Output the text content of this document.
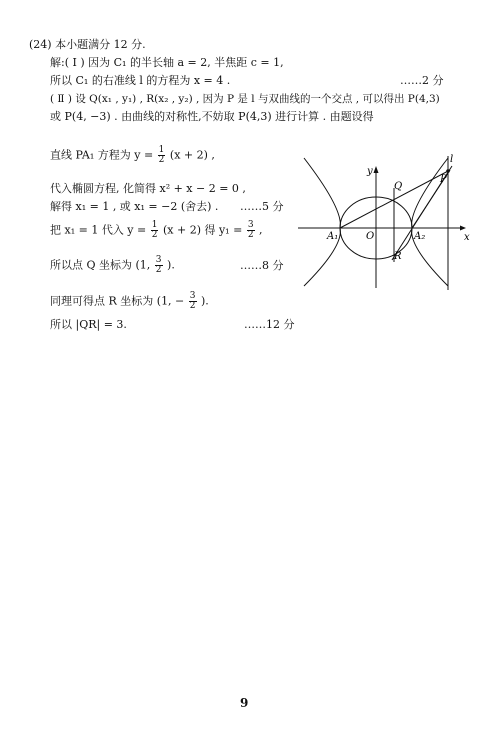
(24) 本小题满分 12 分.
解:( Ⅰ ) 因为 C₁ 的半长轴 a = 2, 半焦距 c = 1,
所以 C₁ 的右准线 l 的方程为 x = 4 .	……2 分
( Ⅱ ) 设 Q(x₁ , y₁) , R(x₂ , y₂) , 因为 P 是 l 与双曲线的一个交点 , 可以得出 P(4,3)
或 P(4, −3) . 由曲线的对称性,不妨取 P(4,3) 进行计算 . 由题设得
直线 PA₁ 方程为 $y = \frac{1}{2} (x + 2)$ ,
代入椭圆方程, 化简得 x² + x − 2 = 0 ,
解得 x₁ = 1 , 或 x₁ = −2 (舍去) . ……5 分
把 x₁ = 1 代入 $y = \frac{1}{2} (x + 2)$ 得 $y_1 = \frac{3}{2}$ ,
所以点 Q 坐标为 (1, $\frac{3}{2}$ ).	……8 分
同理可得点 R 坐标为 (1, − $\frac{3}{2}$ ).
所以 |QR| = 3.	……12 分
y
x
O
A₁	A₂
Q
R
P
l
9
